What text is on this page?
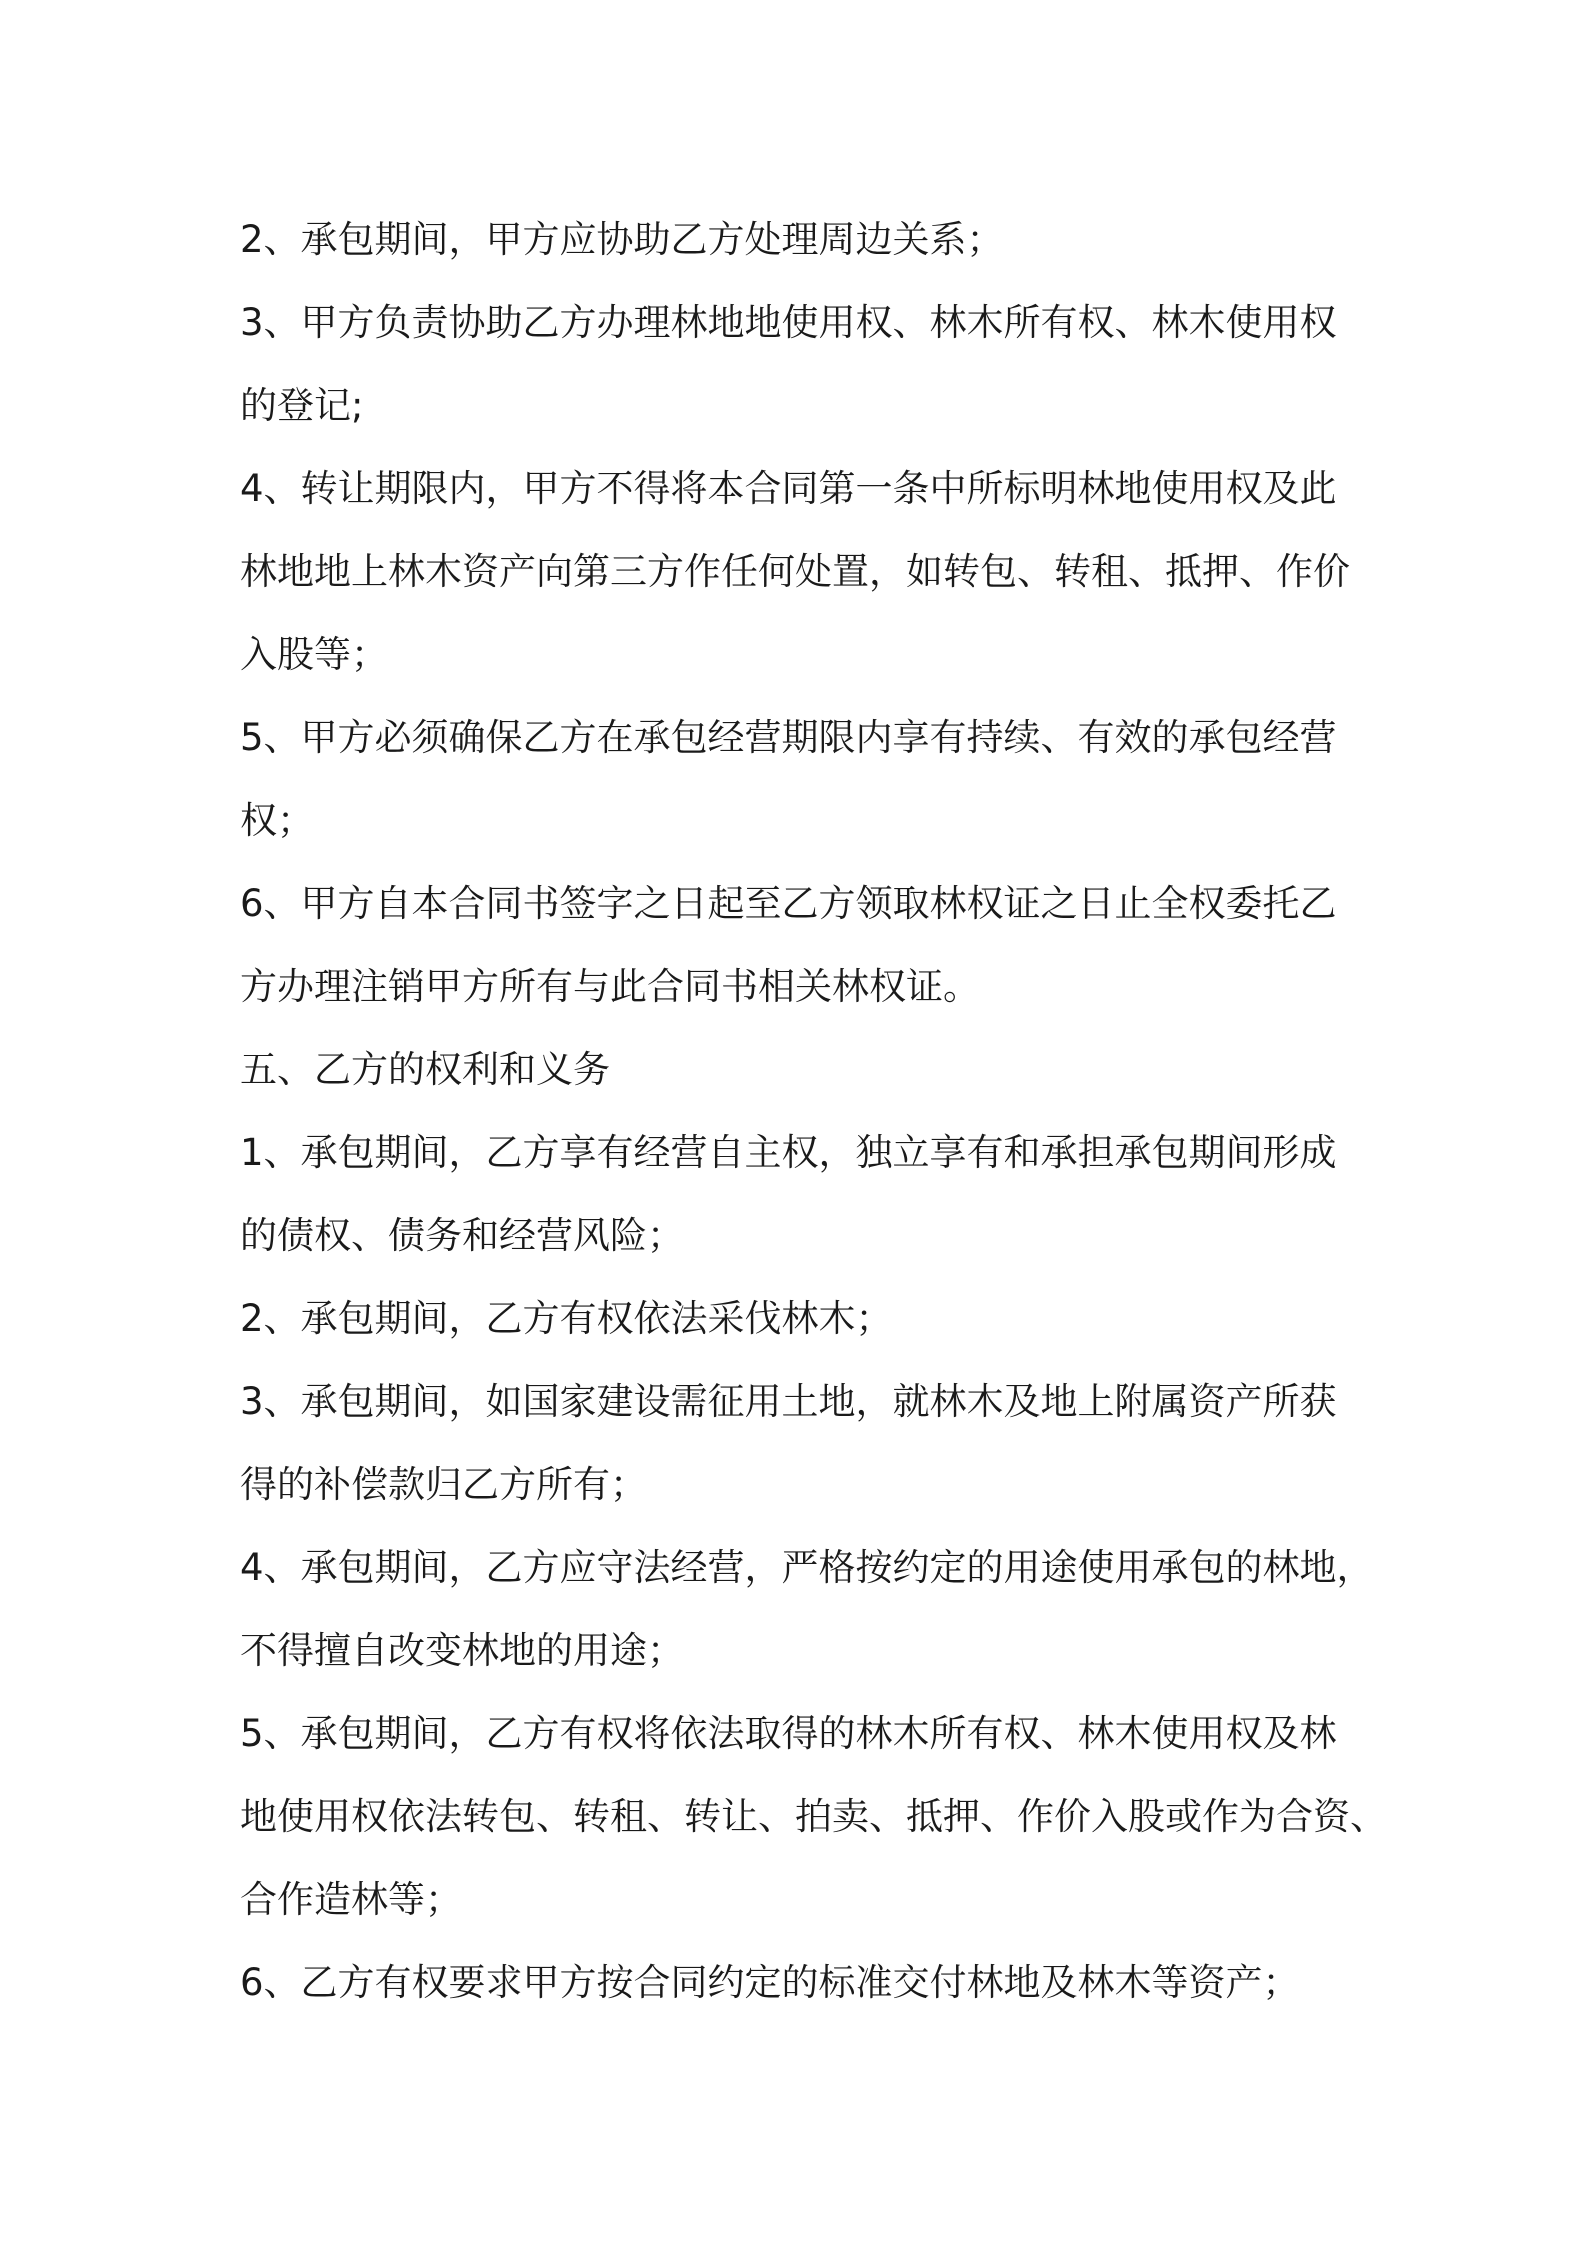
2、承包期间，甲方应协助乙方处理周边关系；
3、甲方负责协助乙方办理林地地使用权、林木所有权、林木使用权
的登记;
4、转让期限内，甲方不得将本合同第一条中所标明林地使用权及此
林地地上林木资产向第三方作任何处置，如转包、转租、抵押、作价
入股等；
5、甲方必须确保乙方在承包经营期限内享有持续、有效的承包经营
权；
6、甲方自本合同书签字之日起至乙方领取林权证之日止全权委托乙
方办理注销甲方所有与此合同书相关林权证。
五、乙方的权利和义务
1、承包期间，乙方享有经营自主权，独立享有和承担承包期间形成
的债权、债务和经营风险；
2、承包期间，乙方有权依法采伐林木；
3、承包期间，如国家建设需征用土地，就林木及地上附属资产所获
得的补偿款归乙方所有；
4、承包期间，乙方应守法经营，严格按约定的用途使用承包的林地，
不得擅自改变林地的用途；
5、承包期间，乙方有权将依法取得的林木所有权、林木使用权及林
地使用权依法转包、转租、转让、拍卖、抵押、作价入股或作为合资、
合作造林等；
6、乙方有权要求甲方按合同约定的标准交付林地及林木等资产；
